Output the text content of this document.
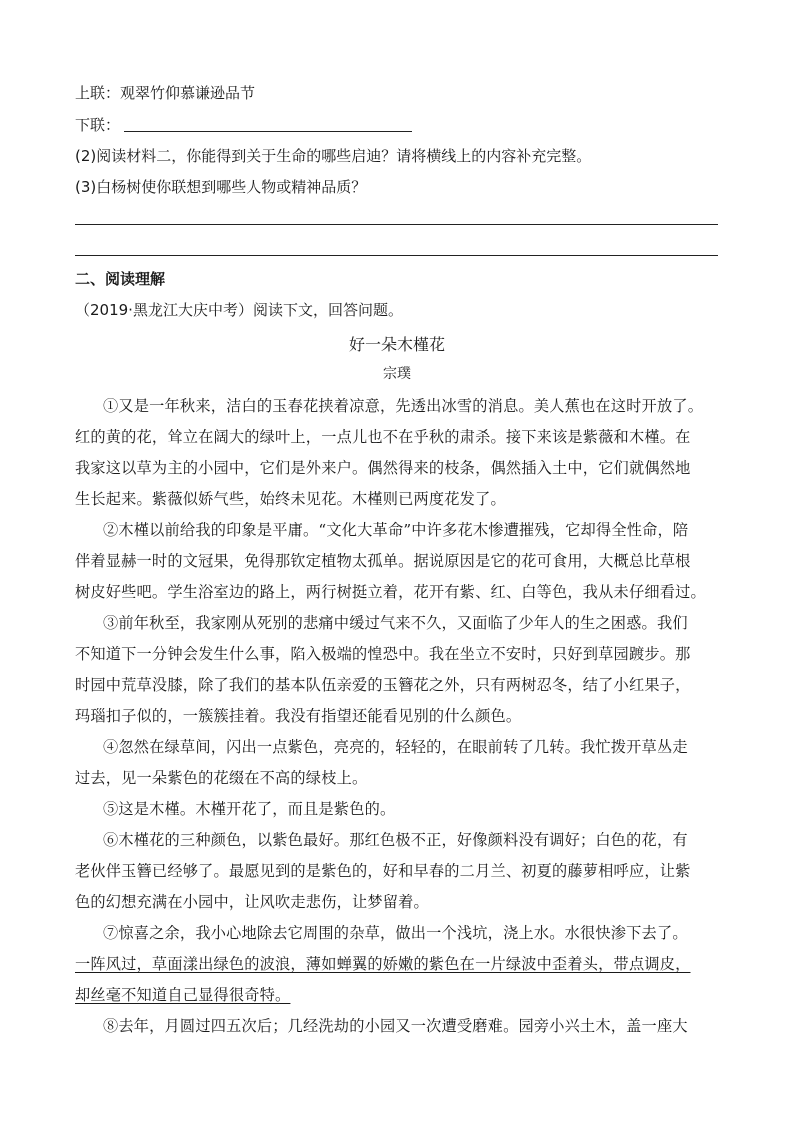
上联：观翠竹仰慕谦逊品节
下联：
(2)阅读材料二，你能得到关于生命的哪些启迪？请将横线上的内容补充完整。
(3)白杨树使你联想到哪些人物或精神品质？
二、阅读理解
（2019·黑龙江大庆中考）阅读下文，回答问题。
好一朵木槿花
宗璞
①又是一年秋来，洁白的玉春花挟着凉意，先透出冰雪的消息。美人蕉也在这时开放了。
红的黄的花，耸立在阔大的绿叶上，一点儿也不在乎秋的肃杀。接下来该是紫薇和木槿。在
我家这以草为主的小园中，它们是外来户。偶然得来的枝条，偶然插入土中，它们就偶然地
生长起来。紫薇似娇气些，始终未见花。木槿则已两度花发了。
②木槿以前给我的印象是平庸。“文化大革命”中许多花木惨遭摧残，它却得全性命，陪
伴着显赫一时的文冠果，免得那钦定植物太孤单。据说原因是它的花可食用，大概总比草根
树皮好些吧。学生浴室边的路上，两行树挺立着，花开有紫、红、白等色，我从未仔细看过。
③前年秋至，我家刚从死别的悲痛中缓过气来不久，又面临了少年人的生之困惑。我们
不知道下一分钟会发生什么事，陷入极端的惶恐中。我在坐立不安时，只好到草园踱步。那
时园中荒草没膝，除了我们的基本队伍亲爱的玉簪花之外，只有两树忍冬，结了小红果子，
玛瑙扣子似的，一簇簇挂着。我没有指望还能看见别的什么颜色。
④忽然在绿草间，闪出一点紫色，亮亮的，轻轻的，在眼前转了几转。我忙拨开草丛走
过去，见一朵紫色的花缀在不高的绿枝上。
⑤这是木槿。木槿开花了，而且是紫色的。
⑥木槿花的三种颜色，以紫色最好。那红色极不正，好像颜料没有调好；白色的花，有
老伙伴玉簪已经够了。最愿见到的是紫色的，好和早春的二月兰、初夏的藤萝相呼应，让紫
色的幻想充满在小园中，让风吹走悲伤，让梦留着。
⑦惊喜之余，我小心地除去它周围的杂草，做出一个浅坑，浇上水。水很快渗下去了。
一阵风过，草面漾出绿色的波浪，薄如蝉翼的娇嫩的紫色在一片绿波中歪着头，带点调皮，
却丝毫不知道自己显得很奇特。
⑧去年，月圆过四五次后；几经洗劫的小园又一次遭受磨难。园旁小兴土木，盖一座大
